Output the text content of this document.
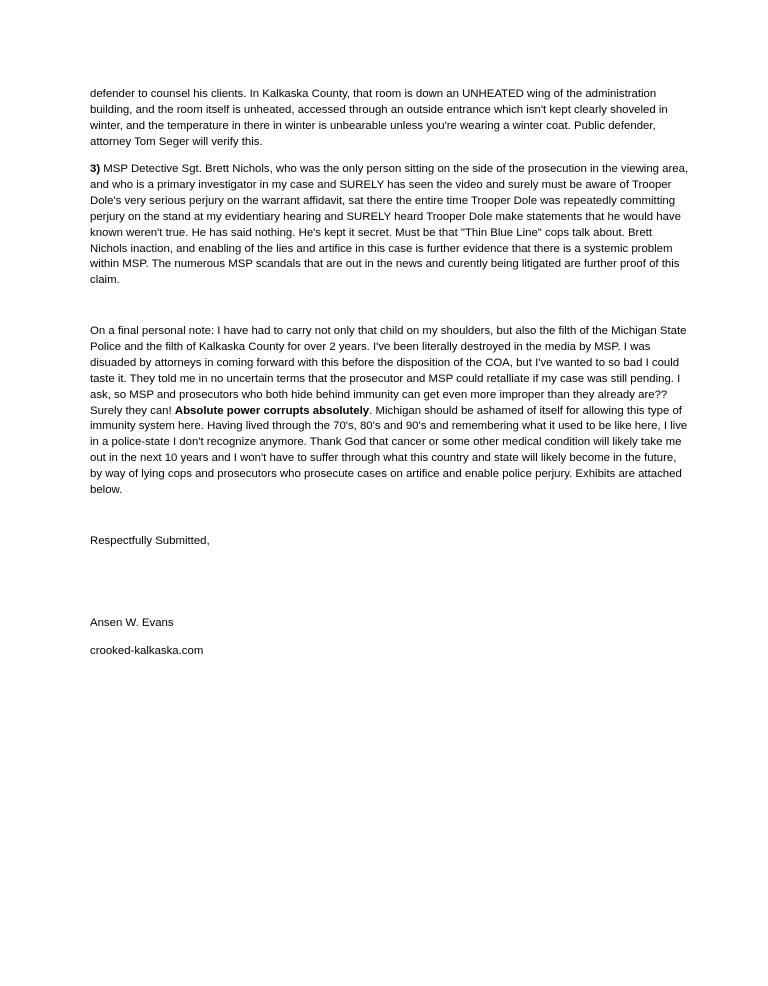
defender to counsel his clients. In Kalkaska County, that room is down an UNHEATED wing of the administration building, and the room itself is unheated, accessed through an outside entrance which isn't kept clearly shoveled in winter, and the temperature in there in winter is unbearable unless you're wearing a winter coat. Public defender, attorney Tom Seger will verify this.

3) MSP Detective Sgt. Brett Nichols, who was the only person sitting on the side of the prosecution in the viewing area, and who is a primary investigator in my case and SURELY has seen the video and surely must be aware of Trooper Dole's very serious perjury on the warrant affidavit, sat there the entire time Trooper Dole was repeatedly committing perjury on the stand at my evidentiary hearing and SURELY heard Trooper Dole make statements that he would have known weren't true. He has said nothing. He's kept it secret. Must be that "Thin Blue Line" cops talk about. Brett Nichols inaction, and enabling of the lies and artifice in this case is further evidence that there is a systemic problem within MSP. The numerous MSP scandals that are out in the news and curently being litigated are further proof of this claim.

On a final personal note: I have had to carry not only that child on my shoulders, but also the filth of the Michigan State Police and the filth of Kalkaska County for over 2 years. I've been literally destroyed in the media by MSP. I was disuaded by attorneys in coming forward with this before the disposition of the COA, but I've wanted to so bad I could taste it. They told me in no uncertain terms that the prosecutor and MSP could retalliate if my case was still pending. I ask, so MSP and prosecutors who both hide behind immunity can get even more improper than they already are?? Surely they can! Absolute power corrupts absolutely. Michigan should be ashamed of itself for allowing this type of immunity system here. Having lived through the 70's, 80's and 90's and remembering what it used to be like here, I live in a police-state I don't recognize anymore. Thank God that cancer or some other medical condition will likely take me out in the next 10 years and I won't have to suffer through what this country and state will likely become in the future, by way of lying cops and prosecutors who prosecute cases on artifice and enable police perjury. Exhibits are attached below.

Respectfully Submitted,

Ansen W. Evans

crooked-kalkaska.com
